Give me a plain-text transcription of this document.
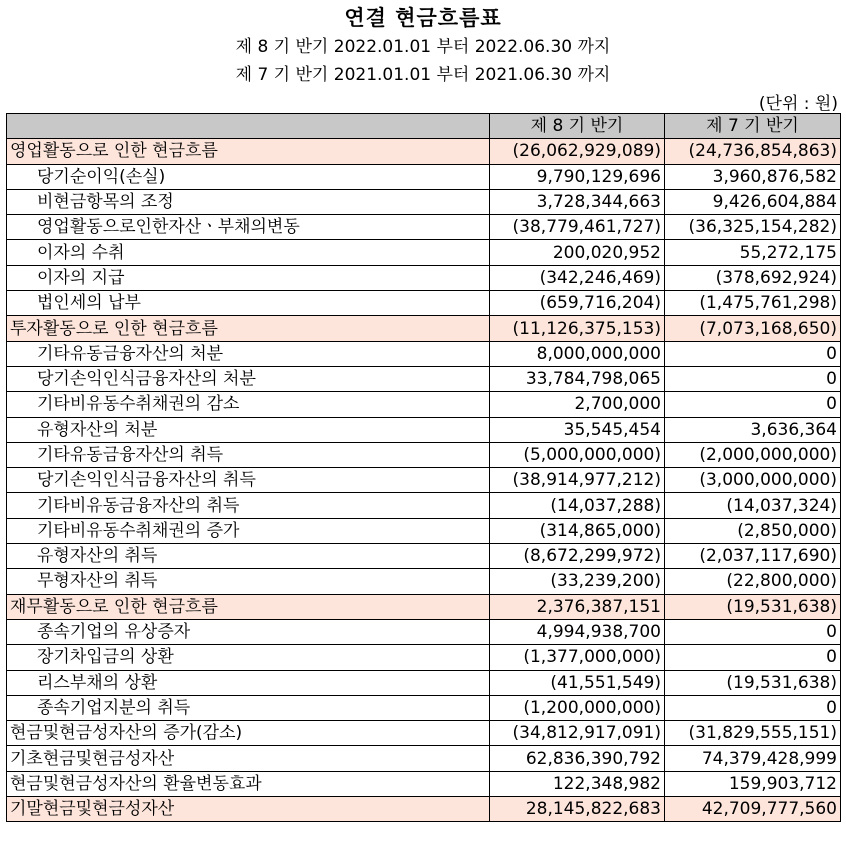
연결 현금흐름표
제 8 기 반기 2022.01.01 부터 2022.06.30 까지
제 7 기 반기 2021.01.01 부터 2021.06.30 까지
(단위 : 원)
	제 8 기 반기	제 7 기 반기
영업활동으로 인한 현금흐름	(26,062,929,089)	(24,736,854,863)
당기순이익(손실)	9,790,129,696	3,960,876,582
비현금항목의 조정	3,728,344,663	9,426,604,884
영업활동으로인한자산ㆍ부채의변동	(38,779,461,727)	(36,325,154,282)
이자의 수취	200,020,952	55,272,175
이자의 지급	(342,246,469)	(378,692,924)
법인세의 납부	(659,716,204)	(1,475,761,298)
투자활동으로 인한 현금흐름	(11,126,375,153)	(7,073,168,650)
기타유동금융자산의 처분	8,000,000,000	0
당기손익인식금융자산의 처분	33,784,798,065	0
기타비유동수취채권의 감소	2,700,000	0
유형자산의 처분	35,545,454	3,636,364
기타유동금융자산의 취득	(5,000,000,000)	(2,000,000,000)
당기손익인식금융자산의 취득	(38,914,977,212)	(3,000,000,000)
기타비유동금융자산의 취득	(14,037,288)	(14,037,324)
기타비유동수취채권의 증가	(314,865,000)	(2,850,000)
유형자산의 취득	(8,672,299,972)	(2,037,117,690)
무형자산의 취득	(33,239,200)	(22,800,000)
재무활동으로 인한 현금흐름	2,376,387,151	(19,531,638)
종속기업의 유상증자	4,994,938,700	0
장기차입금의 상환	(1,377,000,000)	0
리스부채의 상환	(41,551,549)	(19,531,638)
종속기업지분의 취득	(1,200,000,000)	0
현금및현금성자산의 증가(감소)	(34,812,917,091)	(31,829,555,151)
기초현금및현금성자산	62,836,390,792	74,379,428,999
현금및현금성자산의 환율변동효과	122,348,982	159,903,712
기말현금및현금성자산	28,145,822,683	42,709,777,560
